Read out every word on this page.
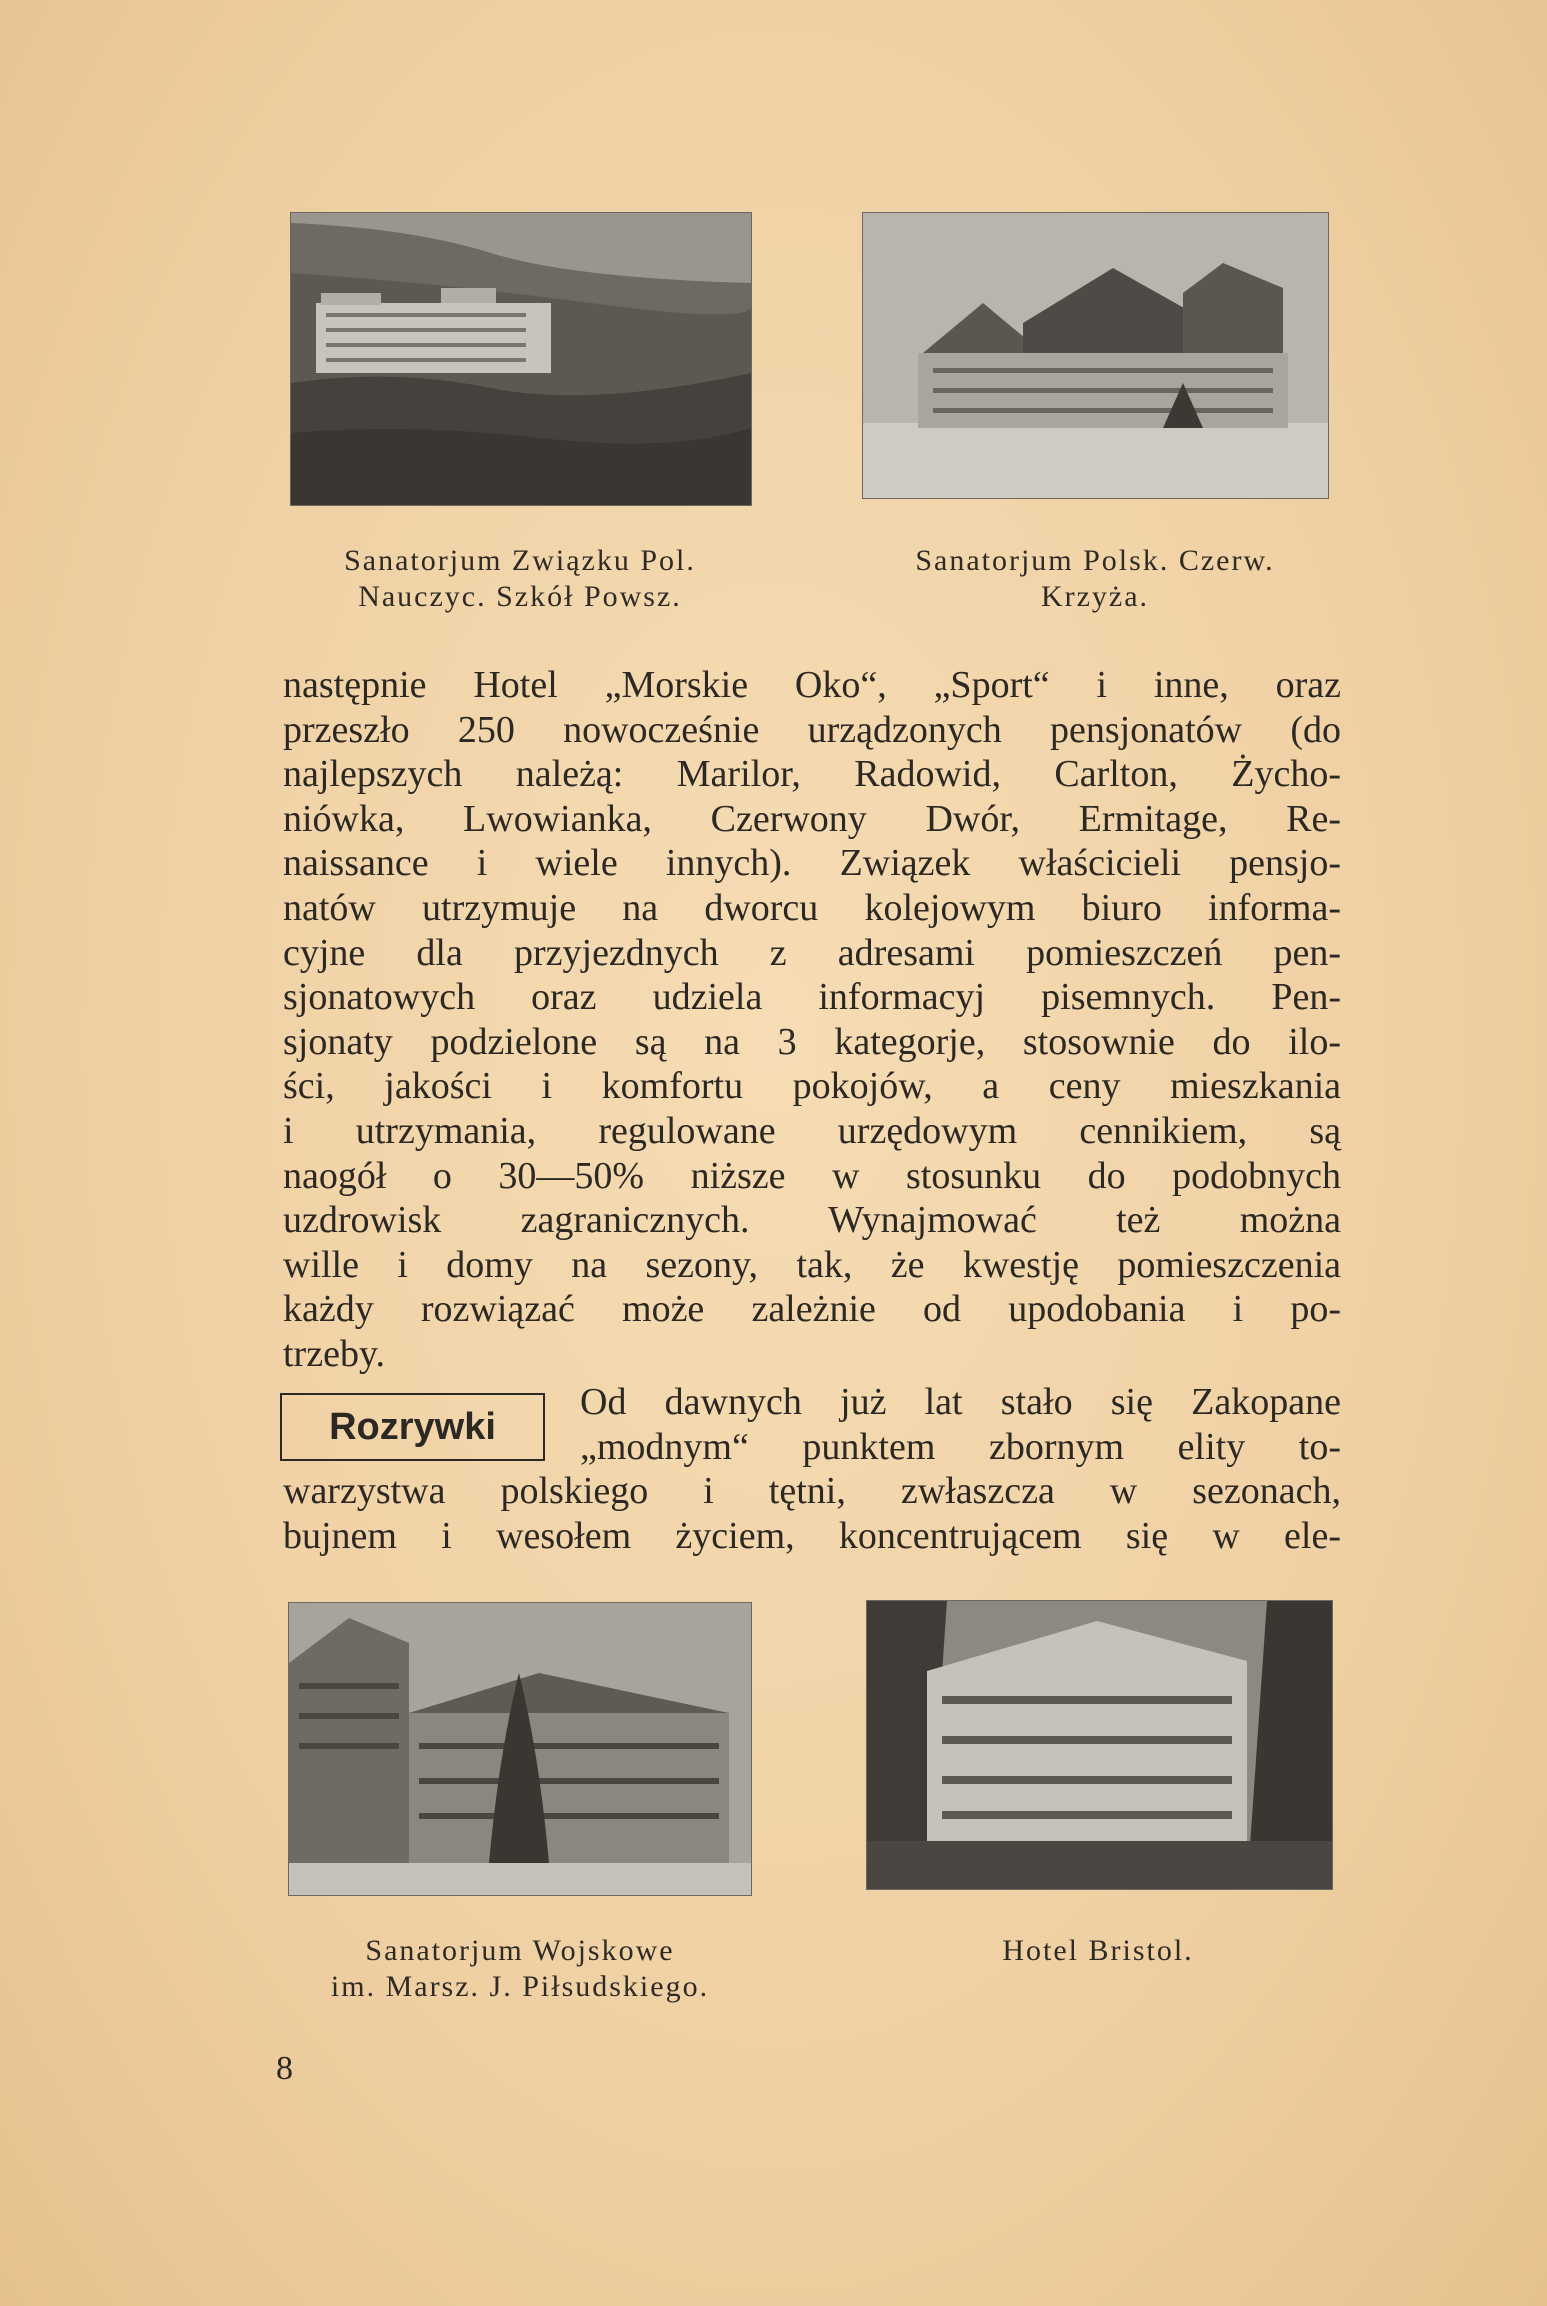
Sanatorjum Związku Pol.
Nauczyc. Szkół Powsz.
Sanatorjum Polsk. Czerw.
Krzyża.
następnie Hotel „Morskie Oko“, „Sport“ i inne, oraz
przeszło 250 nowocześnie urządzonych pensjonatów (do
najlepszych należą: Marilor, Radowid, Carlton, Życho-
niówka, Lwowianka, Czerwony Dwór, Ermitage, Re-
naissance i wiele innych). Związek właścicieli pensjo-
natów utrzymuje na dworcu kolejowym biuro informa-
cyjne dla przyjezdnych z adresami pomieszczeń pen-
sjonatowych oraz udziela informacyj pisemnych. Pen-
sjonaty podzielone są na 3 kategorje, stosownie do ilo-
ści, jakości i komfortu pokojów, a ceny mieszkania
i utrzymania, regulowane urzędowym cennikiem, są
naogół o 30—50% niższe w stosunku do podobnych
uzdrowisk zagranicznych. Wynajmować też można
wille i domy na sezony, tak, że kwestję pomieszczenia
każdy rozwiązać może zależnie od upodobania i po-
trzeby.
Rozrywki
Od dawnych już lat stało się Zakopane
„modnym“ punktem zbornym elity to-
warzystwa polskiego i tętni, zwłaszcza w sezonach,
bujnem i wesołem życiem, koncentrującem się w ele-
Sanatorjum Wojskowe
im. Marsz. J. Piłsudskiego.
Hotel Bristol.
8
